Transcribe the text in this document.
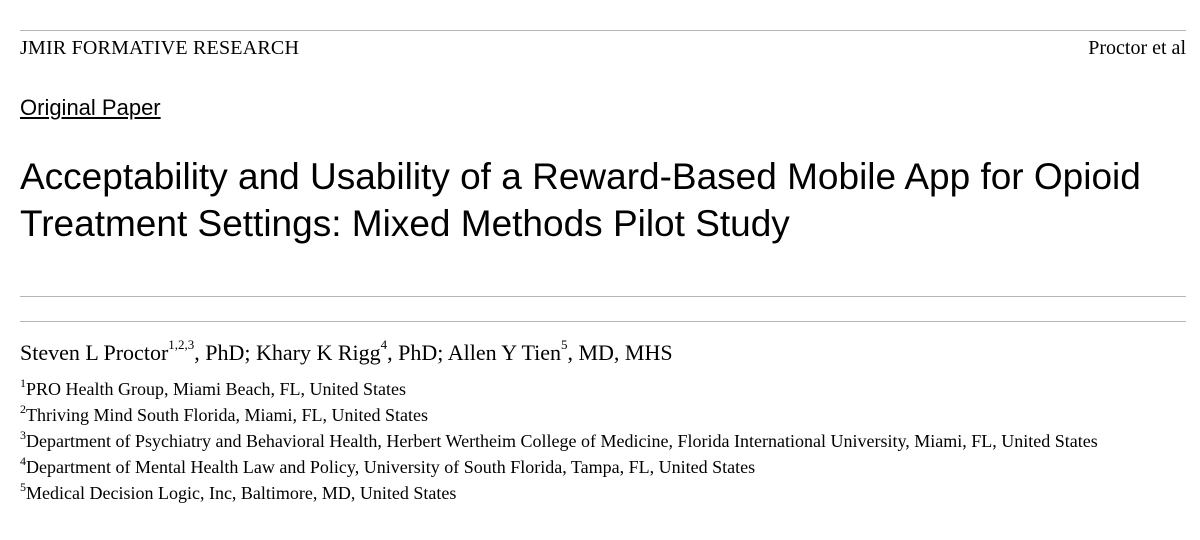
JMIR FORMATIVE RESEARCH	Proctor et al
Original Paper
Acceptability and Usability of a Reward-Based Mobile App for Opioid Treatment Settings: Mixed Methods Pilot Study
Steven L Proctor$^{1,2,3}$, PhD; Khary K Rigg$^4$, PhD; Allen Y Tien$^5$, MD, MHS
$^1$PRO Health Group, Miami Beach, FL, United States
$^2$Thriving Mind South Florida, Miami, FL, United States
$^3$Department of Psychiatry and Behavioral Health, Herbert Wertheim College of Medicine, Florida International University, Miami, FL, United States
$^4$Department of Mental Health Law and Policy, University of South Florida, Tampa, FL, United States
$^5$Medical Decision Logic, Inc, Baltimore, MD, United States
